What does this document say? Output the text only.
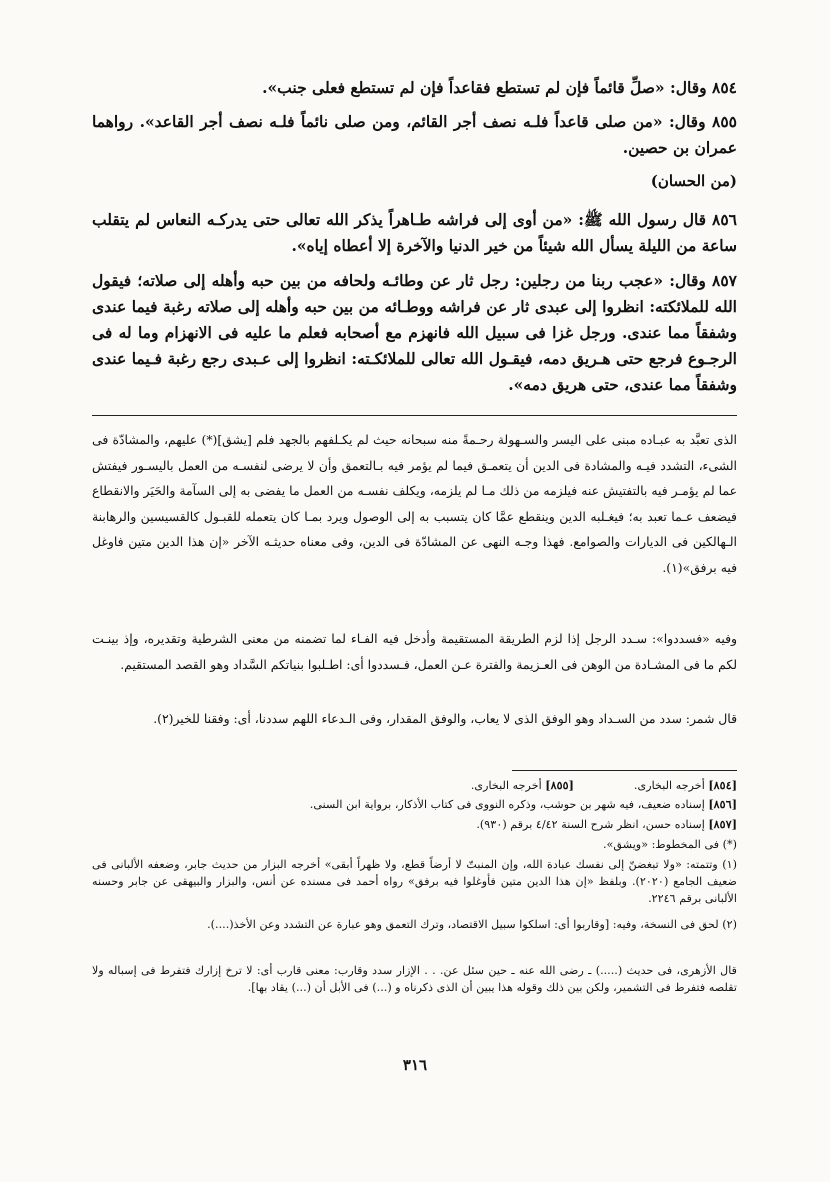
٨٥٤ وقال: «صلِّ قائماً فإن لم تستطع فقاعداً فإن لم تستطع فعلى جنب».
٨٥٥ وقال: «من صلى قاعداً فلـه نصف أجر القائم، ومن صلى نائماً فلـه نصف أجر القاعد». رواهما عمران بن حصين.
(من الحسان)
٨٥٦ قال رسول الله ﷺ: «من أوى إلى فراشه طـاهراً يذكر الله تعالى حتى يدركـه النعاس لم يتقلب ساعة من الليلة يسأل الله شيئاً من خير الدنيا والآخرة إلا أعطاه إياه».
٨٥٧ وقال: «عجب ربنا من رجلين: رجل ثار عن وطائـه ولحافه من بين حبه وأهله إلى صلاته؛ فيقول الله للملائكته: انظروا إلى عبدى ثار عن فراشه ووطـائه من بين حبه وأهله إلى صلاته رغبة فيما عندى وشفقاً مما عندى. ورجل غزا فى سبيل الله فانهزم مع أصحابه فعلم ما عليه فى الانهزام وما له فى الرجـوع فرجع حتى هـريق دمه، فيقـول الله تعالى للملائكـته: انظروا إلى عـبدى رجع رغبة فـيما عندى وشفقاً مما عندى، حتى هريق دمه».
الذى تعبَّد به عبـاده مبنى على اليسر والسـهولة رحـمةً منه سبحانه حيث لم يكـلفهم بالجهد فلم [يشق](*) عليهم، والمشادّة فى الشىء، التشدد فيـه والمشادة فى الدين أن يتعمـق فيما لم يؤمر فيه بـالتعمق وأن لا يرضى لنفسـه من العمل باليسـور فيفتش عما لم يؤمـر فيه بالتفتيش عنه فيلزمه من ذلك مـا لم يلزمه، ويكلف نفسـه من العمل ما يفضى به إلى السآمة والحَيَر والانقطاع فيضعف عـما تعبد به؛ فيغـلبه الدين وينقطع عمَّا كان يتسبب به إلى الوصول ويرد بمـا كان يتعمله للقبـول كالقسيسين والرهابنة الـهالكين فى الديارات والصوامع. فهذا وجـه النهى عن المشادّة فى الدين، وفى معناه حديثـه الآخر «إن هذا الدين متين فاوغل فيه برفق»(١).
وفيه «فسددوا»: سـدد الرجل إذا لزم الطريقة المستقيمة وأدخل فيه الفـاء لما تضمنه من معنى الشرطية وتقديره، وإذ بينـت لكم ما فى المشـادة من الوهن فى العـزيمة والفترة عـن العمل، فـسددوا أى: اطـلبوا بنياتكم السَّداد وهو القصد المستقيم.
قال شمر: سدد من السـداد وهو الوفق الذى لا يعاب، والوفق المقدار، وفى الـدعاء اللهم سددنا، أى: وفقنا للخير(٢).
[٨٥٤] أخرجه البخارى.[٨٥٥] أخرجه البخارى.
[٨٥٦] إسناده ضعيف، فيه شهر بن حوشب، وذكره النووى فى كتاب الأذكار، برواية ابن السنى.
[٨٥٧] إسناده حسن، انظر شرح السنة ٤/٤٢ برقم (٩٣٠).
(*) فى المخطوط: «ويشق».
(١) وتتمته: «ولا تبغضنّ إلى نفسك عبادة الله، وإن المنبتّ لا أرضاً قطع، ولا ظهراً أبقى» أخرجه البزار من حديث جابر، وضعفه الألبانى فى ضعيف الجامع (٢٠٢٠). وبلفظ «إن هذا الدين متين فأوغلوا فيه برفق» رواه أحمد فى مسنده عن أنس، والبزار والبيهقى عن جابر وحسنه الألبانى برقم ٢٢٤٦.
(٢) لحق فى النسخة، وفيه: [وقاربوا أى: اسلكوا سبيل الاقتصاد، وترك التعمق وهو عبارة عن التشدد وعن الأخذ(....).
قال الأزهرى، فى حديث (.....) ـ رضى الله عنه ـ حين سئل عن. . . الإزار سدد وقارب: معنى قارب أى: لا ترخ إزارك فتفرط فى إسباله ولا تقلصه فتفرط فى التشمير، ولكن بين ذلك وقوله هذا يبين أن الذى ذكرناه و (...) فى الأبل أن (...) يقاد بها].
٣١٦
